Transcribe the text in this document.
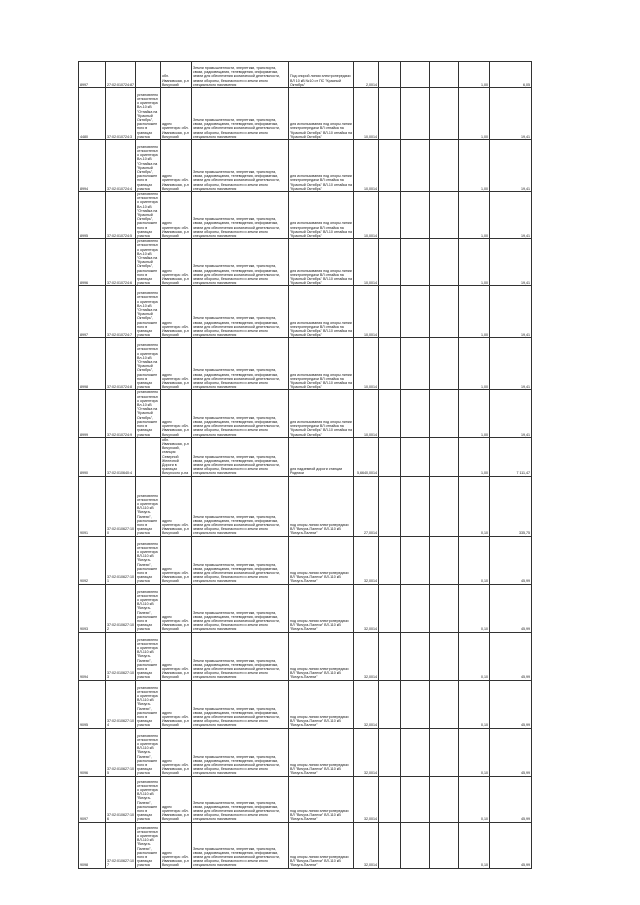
8997	27:02:010724:87		обл. Ивановская, р-н Вичугский	Земли промышленности, энергетики, транспорта, связи, радиовещания, телевидения, информатики, земли для обеспечения космической деятельности, земли обороны, безопасности и земли иного специального назначения	Под опорой линии электропередачи ВЛ 10 кВ №10 от ПС "Красный Октябрь"	2,0014				1,00	6,05
4480	37:02:010724:3	установлено относительно ориентира Вл-10 кВ "Отпайка на "Красный Октябрь", расположенного в границах участка	адрес ориентира: обл. Ивановская, р-н Вичугский	Земли промышленности, энергетики, транспорта, связи, радиовещания, телевидения, информатики, земли для обеспечения космической деятельности, земли обороны, безопасности и земли иного специального назначения	для использования под опоры линии электропередачи ВЛ отпайка на "Красный Октябрь" ВЛ-10 отпайка на "Красный Октябрь"	10,0014				1,00	19,41
8994	37:02:010724:4	установлено относительно ориентира Вл-10 кВ "Отпайка на "Красный Октябрь", расположенного в границах участка	адрес ориентира: обл. Ивановская, р-н Вичугский	Земли промышленности, энергетики, транспорта, связи, радиовещания, телевидения, информатики, земли для обеспечения космической деятельности, земли обороны, безопасности и земли иного специального назначения	для использования под опоры линии электропередачи ВЛ отпайка на "Красный Октябрь" ВЛ-10 отпайка на "Красный Октябрь"	10,0014				1,00	19,41
8995	37:02:010724:5	установлено относительно ориентира Вл-10 кВ "Отпайка на "Красный Октябрь", расположенного в границах участка	адрес ориентира: обл. Ивановская, р-н Вичугский	Земли промышленности, энергетики, транспорта, связи, радиовещания, телевидения, информатики, земли для обеспечения космической деятельности, земли обороны, безопасности и земли иного специального назначения	для использования под опоры линии электропередачи ВЛ отпайка на "Красный Октябрь" ВЛ-10 отпайка на "Красный Октябрь"	10,0014				1,00	19,41
8996	37:02:010724:6	установлено относительно ориентира Вл-10 кВ "Отпайка на "Красный Октябрь", расположенного в границах участка	адрес ориентира: обл. Ивановская, р-н Вичугский	Земли промышленности, энергетики, транспорта, связи, радиовещания, телевидения, информатики, земли для обеспечения космической деятельности, земли обороны, безопасности и земли иного специального назначения	для использования под опоры линии электропередачи ВЛ отпайка на "Красный Октябрь" ВЛ-10 отпайка на "Красный Октябрь"	10,0014				1,00	19,41
8997	37:02:010724:7	установлено относительно ориентира Вл-10 кВ "Отпайка на "Красный Октябрь", расположенного в границах участка	адрес ориентира: обл. Ивановская, р-н Вичугский	Земли промышленности, энергетики, транспорта, связи, радиовещания, телевидения, информатики, земли для обеспечения космической деятельности, земли обороны, безопасности и земли иного специального назначения	для использования под опоры линии электропередачи ВЛ отпайка на "Красный Октябрь" ВЛ-10 отпайка на "Красный Октябрь"	10,0014				1,00	19,41
8998	37:02:010724:8	установлено относительно ориентира Вл-10 кВ "Отпайка на "Красный Октябрь", расположенного в границах участка	адрес ориентира: обл. Ивановская, р-н Вичугский	Земли промышленности, энергетики, транспорта, связи, радиовещания, телевидения, информатики, земли для обеспечения космической деятельности, земли обороны, безопасности и земли иного специального назначения	для использования под опоры линии электропередачи ВЛ отпайка на "Красный Октябрь" ВЛ-10 отпайка на "Красный Октябрь"	10,0014				1,00	19,41
8999	37:02:010724:9	установлено относительно ориентира Вл-10 кВ "Отпайка на "Красный Октябрь", расположенного в границах участка	адрес ориентира: обл. Ивановская, р-н Вичугский	Земли промышленности, энергетики, транспорта, связи, радиовещания, телевидения, информатики, земли для обеспечения космической деятельности, земли обороны, безопасности и земли иного специального назначения	для использования под опоры линии электропередачи ВЛ отпайка на "Красный Октябрь" ВЛ-10 отпайка на "Красный Октябрь"	10,0014				1,00	19,41
8990	37:02:010640:4		обл. Ивановская, р-н Вичугский, станция Северной Железной Дороги в границах Вичугского р-на	Земли промышленности, энергетики, транспорта, связи, радиовещания, телевидения, информатики, земли для обеспечения космической деятельности, земли обороны, безопасности и земли иного специального назначения	для надземной дороги станции Родники	5,6640,0014				1,00	7 111,47
9091	37:02:010627:100	установлено относительно ориентира ВЛ-110 кВ "Вичуга-Палехи", расположенного в границах участка	адрес ориентира: обл. Ивановская, р-н Вичугский	Земли промышленности, энергетики, транспорта, связи, радиовещания, телевидения, информатики, земли для обеспечения космической деятельности, земли обороны, безопасности и земли иного специального назначения	под опоры линии электропередачи ВЛ "Вичуга-Палехи" ВЛ-110 кВ "Вичуга-Палехи"	27,0014				0,10	335,75
9092	37:02:010627:101	установлено относительно ориентира ВЛ-110 кВ "Вичуга-Палехи", расположенного в границах участка	адрес ориентира: обл. Ивановская, р-н Вичугский	Земли промышленности, энергетики, транспорта, связи, радиовещания, телевидения, информатики, земли для обеспечения космической деятельности, земли обороны, безопасности и земли иного специального назначения	под опоры линии электропередачи ВЛ "Вичуга-Палехи" ВЛ-110 кВ "Вичуга-Палехи"	32,0014				0,10	45,99
9093	37:02:010627:102	установлено относительно ориентира ВЛ-110 кВ "Вичуга-Палехи", расположенного в границах участка	адрес ориентира: обл. Ивановская, р-н Вичугский	Земли промышленности, энергетики, транспорта, связи, радиовещания, телевидения, информатики, земли для обеспечения космической деятельности, земли обороны, безопасности и земли иного специального назначения	под опоры линии электропередачи ВЛ "Вичуга-Палехи" ВЛ-110 кВ "Вичуга-Палехи"	32,0014				0,10	45,99
9094	37:02:010627:103	установлено относительно ориентира ВЛ-110 кВ "Вичуга-Палехи", расположенного в границах участка	адрес ориентира: обл. Ивановская, р-н Вичугский	Земли промышленности, энергетики, транспорта, связи, радиовещания, телевидения, информатики, земли для обеспечения космической деятельности, земли обороны, безопасности и земли иного специального назначения	под опоры линии электропередачи ВЛ "Вичуга-Палехи" ВЛ-110 кВ "Вичуга-Палехи"	32,0014				0,10	45,99
9095	37:02:010627:104	установлено относительно ориентира ВЛ-110 кВ "Вичуга-Палехи", расположенного в границах участка	адрес ориентира: обл. Ивановская, р-н Вичугский	Земли промышленности, энергетики, транспорта, связи, радиовещания, телевидения, информатики, земли для обеспечения космической деятельности, земли обороны, безопасности и земли иного специального назначения	под опоры линии электропередачи ВЛ "Вичуга-Палехи" ВЛ-110 кВ "Вичуга-Палехи"	32,0014				0,10	45,99
9096	37:02:010627:105	установлено относительно ориентира ВЛ-110 кВ "Вичуга-Палехи", расположенного в границах участка	адрес ориентира: обл. Ивановская, р-н Вичугский	Земли промышленности, энергетики, транспорта, связи, радиовещания, телевидения, информатики, земли для обеспечения космической деятельности, земли обороны, безопасности и земли иного специального назначения	под опоры линии электропередачи ВЛ "Вичуга-Палехи" ВЛ-110 кВ "Вичуга-Палехи"	32,0014				0,10	45,99
9097	37:02:010627:106	установлено относительно ориентира ВЛ-110 кВ "Вичуга-Палехи", расположенного в границах участка	адрес ориентира: обл. Ивановская, р-н Вичугский	Земли промышленности, энергетики, транспорта, связи, радиовещания, телевидения, информатики, земли для обеспечения космической деятельности, земли обороны, безопасности и земли иного специального назначения	под опоры линии электропередачи ВЛ "Вичуга-Палехи" ВЛ-110 кВ "Вичуга-Палехи"	32,0014				0,10	45,99
9098	37:02:010627:107	установлено относительно ориентира ВЛ-110 кВ "Вичуга-Палехи", расположенного в границах участка	адрес ориентира: обл. Ивановская, р-н Вичугский	Земли промышленности, энергетики, транспорта, связи, радиовещания, телевидения, информатики, земли для обеспечения космической деятельности, земли обороны, безопасности и земли иного специального назначения	под опоры линии электропередачи ВЛ "Вичуга-Палехи" ВЛ-110 кВ "Вичуга-Палехи"	32,0014				0,10	45,99
